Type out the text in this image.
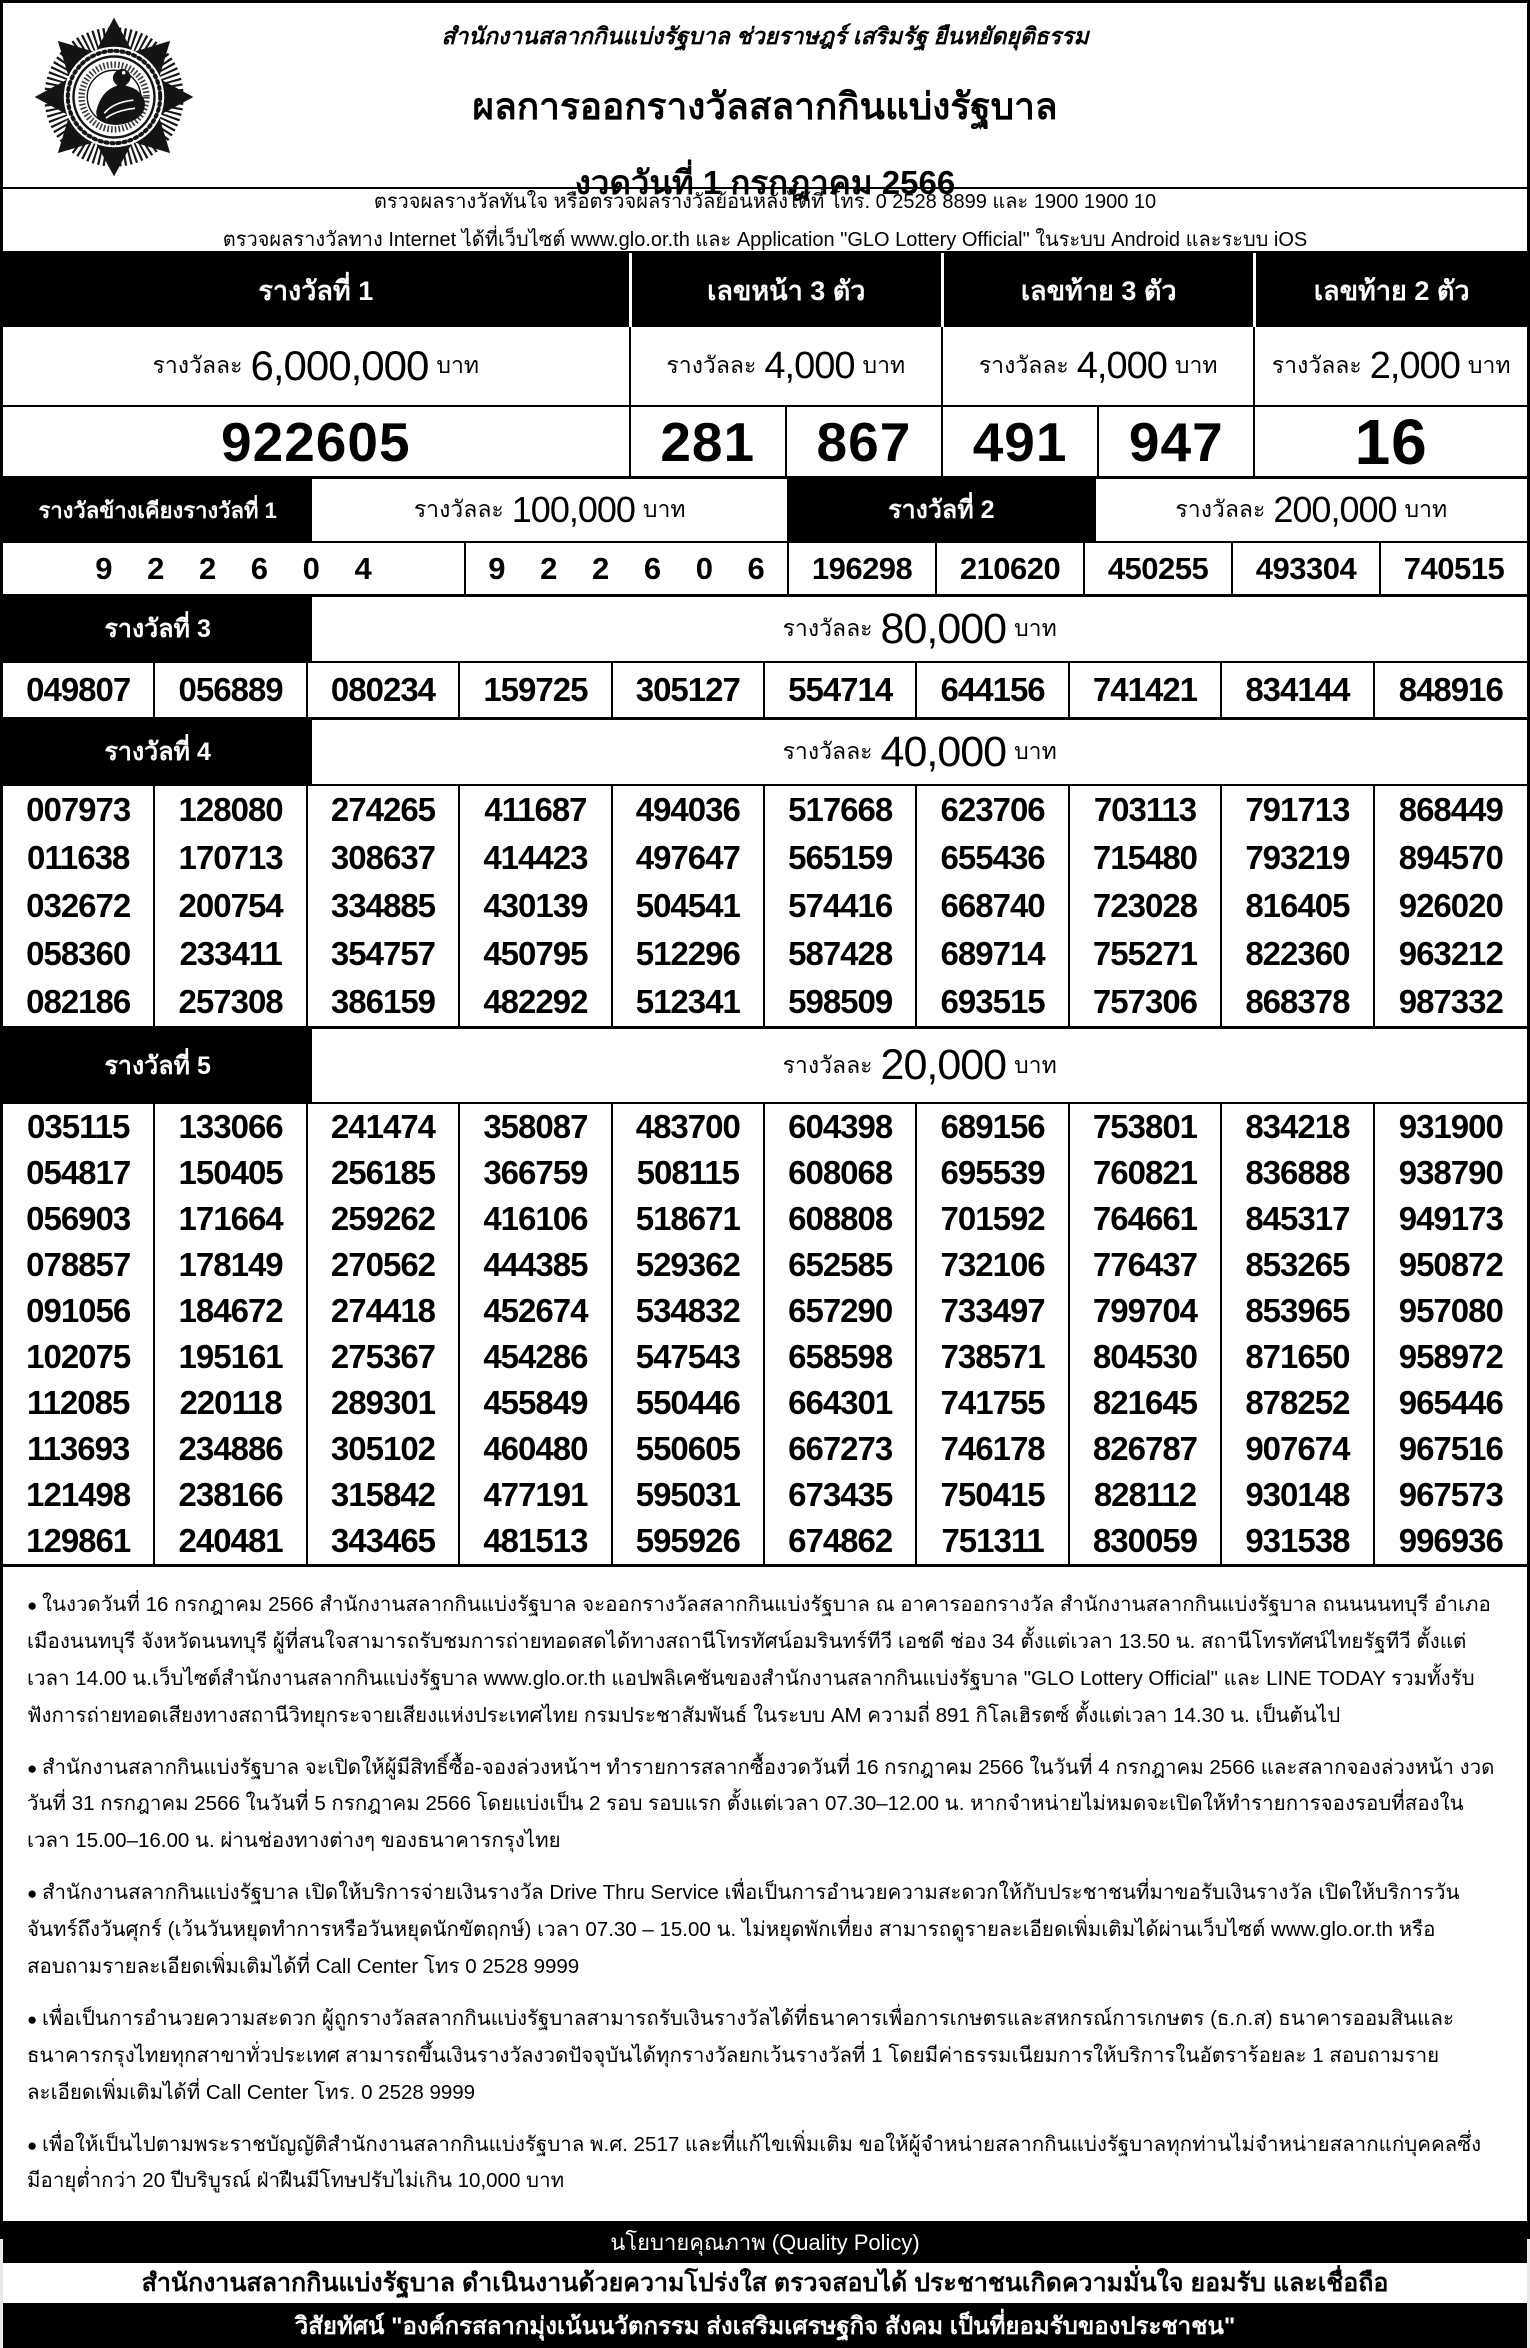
สำนักงานสลากกินแบ่งรัฐบาล ช่วยราษฎร์ เสริมรัฐ ยืนหยัดยุติธรรม
ผลการออกรางวัลสลากกินแบ่งรัฐบาล
งวดวันที่ 1 กรกฎาคม 2566
ตรวจผลรางวัลทันใจ หรือตรวจผลรางวัลย้อนหลังได้ที่ โทร. 0 2528 8899 และ 1900 1900 10
ตรวจผลรางวัลทาง Internet ได้ที่เว็บไซต์ www.glo.or.th และ Application "GLO Lottery Official" ในระบบ Android และระบบ iOS
รางวัลที่ 1	เลขหน้า 3 ตัว	เลขท้าย 3 ตัว	เลขท้าย 2 ตัว
รางวัลละ 6,000,000 บาท	รางวัลละ 4,000 บาท	รางวัลละ 4,000 บาท	รางวัลละ 2,000 บาท
922605	281	867	491	947	16
รางวัลข้างเคียงรางวัลที่ 1	รางวัลละ 100,000 บาท	รางวัลที่ 2	รางวัลละ 200,000 บาท
9 2 2 6 0 4	9 2 2 6 0 6	196298	210620	450255	493304	740515
รางวัลที่ 3	รางวัลละ 80,000 บาท
049807	056889	080234	159725	305127	554714	644156	741421	834144	848916
รางวัลที่ 4	รางวัลละ 40,000 บาท
007973	128080	274265	411687	494036	517668	623706	703113	791713	868449
011638	170713	308637	414423	497647	565159	655436	715480	793219	894570
032672	200754	334885	430139	504541	574416	668740	723028	816405	926020
058360	233411	354757	450795	512296	587428	689714	755271	822360	963212
082186	257308	386159	482292	512341	598509	693515	757306	868378	987332
รางวัลที่ 5	รางวัลละ 20,000 บาท
035115	133066	241474	358087	483700	604398	689156	753801	834218	931900
054817	150405	256185	366759	508115	608068	695539	760821	836888	938790
056903	171664	259262	416106	518671	608808	701592	764661	845317	949173
078857	178149	270562	444385	529362	652585	732106	776437	853265	950872
091056	184672	274418	452674	534832	657290	733497	799704	853965	957080
102075	195161	275367	454286	547543	658598	738571	804530	871650	958972
112085	220118	289301	455849	550446	664301	741755	821645	878252	965446
113693	234886	305102	460480	550605	667273	746178	826787	907674	967516
121498	238166	315842	477191	595031	673435	750415	828112	930148	967573
129861	240481	343465	481513	595926	674862	751311	830059	931538	996936

● ในงวดวันที่ 16 กรกฎาคม 2566 สำนักงานสลากกินแบ่งรัฐบาล จะออกรางวัลสลากกินแบ่งรัฐบาล ณ อาคารออกรางวัล สำนักงานสลากกินแบ่งรัฐบาล ถนนนนทบุรี อำเภอเมืองนนทบุรี จังหวัดนนทบุรี ผู้ที่สนใจสามารถรับชมการถ่ายทอดสดได้ทางสถานีโทรทัศน์อมรินทร์ทีวี เอชดี ช่อง 34 ตั้งแต่เวลา 13.50 น. สถานีโทรทัศน์ไทยรัฐทีวี ตั้งแต่เวลา 14.00 น.เว็บไซต์สำนักงานสลากกินแบ่งรัฐบาล www.glo.or.th แอปพลิเคชันของสำนักงานสลากกินแบ่งรัฐบาล "GLO Lottery Official" และ LINE TODAY รวมทั้งรับฟังการถ่ายทอดเสียงทางสถานีวิทยุกระจายเสียงแห่งประเทศไทย กรมประชาสัมพันธ์ ในระบบ AM ความถี่ 891 กิโลเฮิรตซ์ ตั้งแต่เวลา 14.30 น. เป็นต้นไป

● สำนักงานสลากกินแบ่งรัฐบาล จะเปิดให้ผู้มีสิทธิ์ซื้อ-จองล่วงหน้าฯ ทำรายการสลากซื้องวดวันที่ 16 กรกฎาคม 2566 ในวันที่ 4 กรกฎาคม 2566 และสลากจองล่วงหน้า งวดวันที่ 31 กรกฎาคม 2566 ในวันที่ 5 กรกฎาคม 2566 โดยแบ่งเป็น 2 รอบ รอบแรก ตั้งแต่เวลา 07.30–12.00 น. หากจำหน่ายไม่หมดจะเปิดให้ทำรายการจองรอบที่สองในเวลา 15.00–16.00 น. ผ่านช่องทางต่างๆ ของธนาคารกรุงไทย

● สำนักงานสลากกินแบ่งรัฐบาล เปิดให้บริการจ่ายเงินรางวัล Drive Thru Service เพื่อเป็นการอำนวยความสะดวกให้กับประชาชนที่มาขอรับเงินรางวัล เปิดให้บริการวันจันทร์ถึงวันศุกร์ (เว้นวันหยุดทำการหรือวันหยุดนักขัตฤกษ์) เวลา 07.30 – 15.00 น. ไม่หยุดพักเที่ยง สามารถดูรายละเอียดเพิ่มเติมได้ผ่านเว็บไซต์ www.glo.or.th หรือสอบถามรายละเอียดเพิ่มเติมได้ที่ Call Center โทร 0 2528 9999

● เพื่อเป็นการอำนวยความสะดวก ผู้ถูกรางวัลสลากกินแบ่งรัฐบาลสามารถรับเงินรางวัลได้ที่ธนาคารเพื่อการเกษตรและสหกรณ์การเกษตร (ธ.ก.ส) ธนาคารออมสินและธนาคารกรุงไทยทุกสาขาทั่วประเทศ สามารถขึ้นเงินรางวัลงวดปัจจุบันได้ทุกรางวัลยกเว้นรางวัลที่ 1 โดยมีค่าธรรมเนียมการให้บริการในอัตราร้อยละ 1 สอบถามรายละเอียดเพิ่มเติมได้ที่ Call Center โทร. 0 2528 9999

● เพื่อให้เป็นไปตามพระราชบัญญัติสำนักงานสลากกินแบ่งรัฐบาล พ.ศ. 2517 และที่แก้ไขเพิ่มเติม ขอให้ผู้จำหน่ายสลากกินแบ่งรัฐบาลทุกท่านไม่จำหน่ายสลากแก่บุคคลซึ่งมีอายุต่ำกว่า 20 ปีบริบูรณ์ ฝ่าฝืนมีโทษปรับไม่เกิน 10,000 บาท

นโยบายคุณภาพ (Quality Policy)
สำนักงานสลากกินแบ่งรัฐบาล ดำเนินงานด้วยความโปร่งใส ตรวจสอบได้ ประชาชนเกิดความมั่นใจ ยอมรับ และเชื่อถือ
วิสัยทัศน์ "องค์กรสลากมุ่งเน้นนวัตกรรม ส่งเสริมเศรษฐกิจ สังคม เป็นที่ยอมรับของประชาชน"
